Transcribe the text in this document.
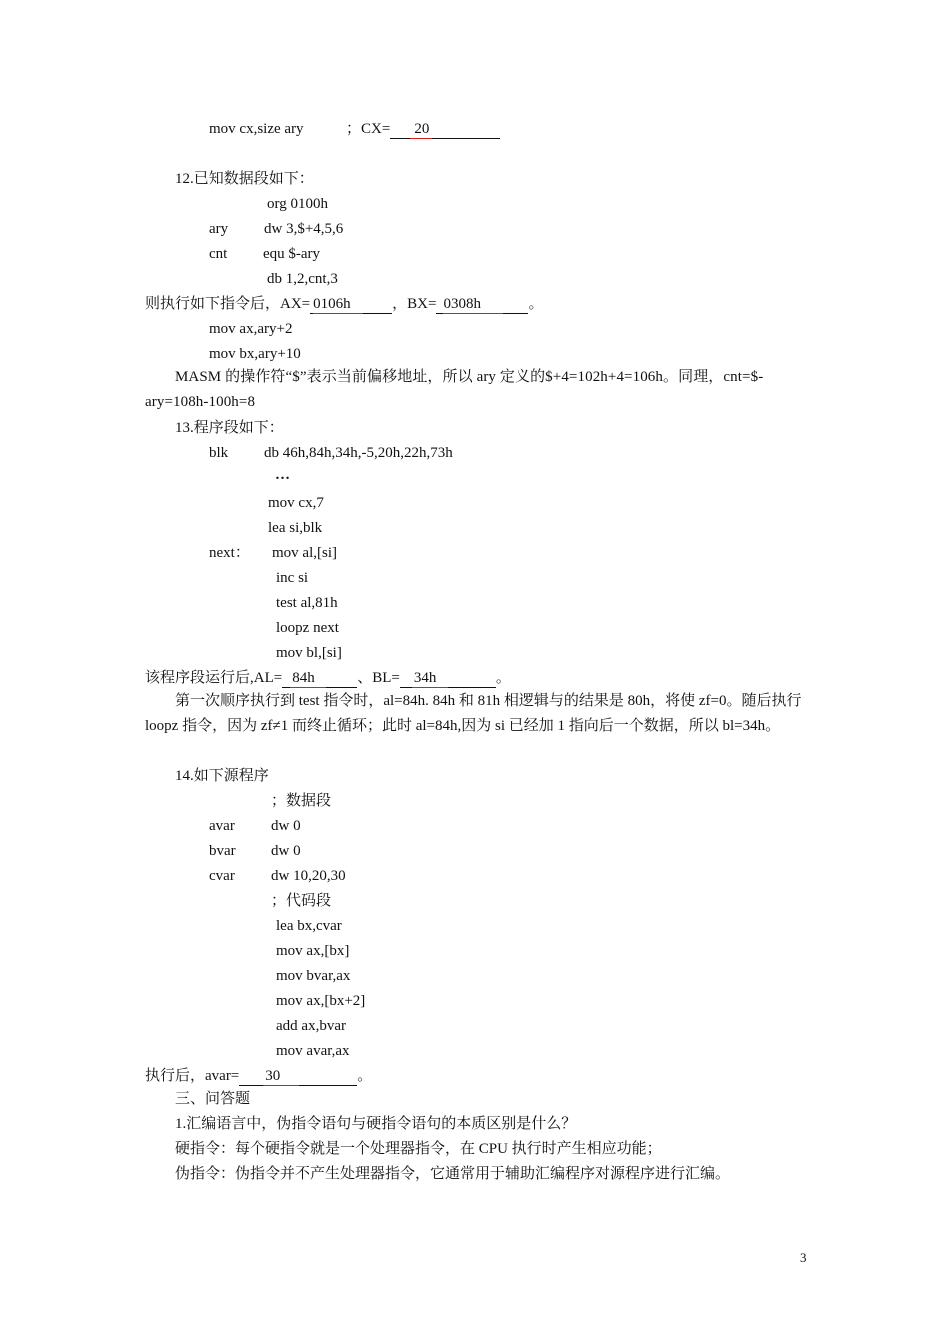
mov cx,size ary	；CX= 20
12.已知数据段如下：
org 0100h
ary dw 3,$+4,5,6
cnt equ $-ary
db 1,2,cnt,3
则执行如下指令后，AX= 0106h	，BX= 0308h	。
mov ax,ary+2
mov bx,ary+10
MASM 的操作符“$”表示当前偏移地址，所以 ary 定义的$+4=102h+4=106h。同理，cnt=$-ary=108h-100h=8
13.程序段如下：
blk db 46h,84h,34h,-5,20h,22h,73h
…
mov cx,7
lea si,blk
next： mov al,[si]
inc si
test al,81h
loopz next
mov bl,[si]
该程序段运行后,AL= 84h	、BL= 34h	。
第一次顺序执行到 test 指令时，al=84h. 84h 和 81h 相逻辑与的结果是 80h，将使 zf=0。随后执行 loopz 指令，因为 zf≠1 而终止循环；此时 al=84h,因为 si 已经加 1 指向后一个数据，所以 bl=34h。
14.如下源程序
；数据段
avar dw 0
bvar dw 0
cvar dw 10,20,30
；代码段
lea bx,cvar
mov ax,[bx]
mov bvar,ax
mov ax,[bx+2]
add ax,bvar
mov avar,ax
执行后，avar= 30	。
三、问答题
1.汇编语言中，伪指令语句与硬指令语句的本质区别是什么？
硬指令：每个硬指令就是一个处理器指令，在 CPU 执行时产生相应功能；
伪指令：伪指令并不产生处理器指令，它通常用于辅助汇编程序对源程序进行汇编。
3
